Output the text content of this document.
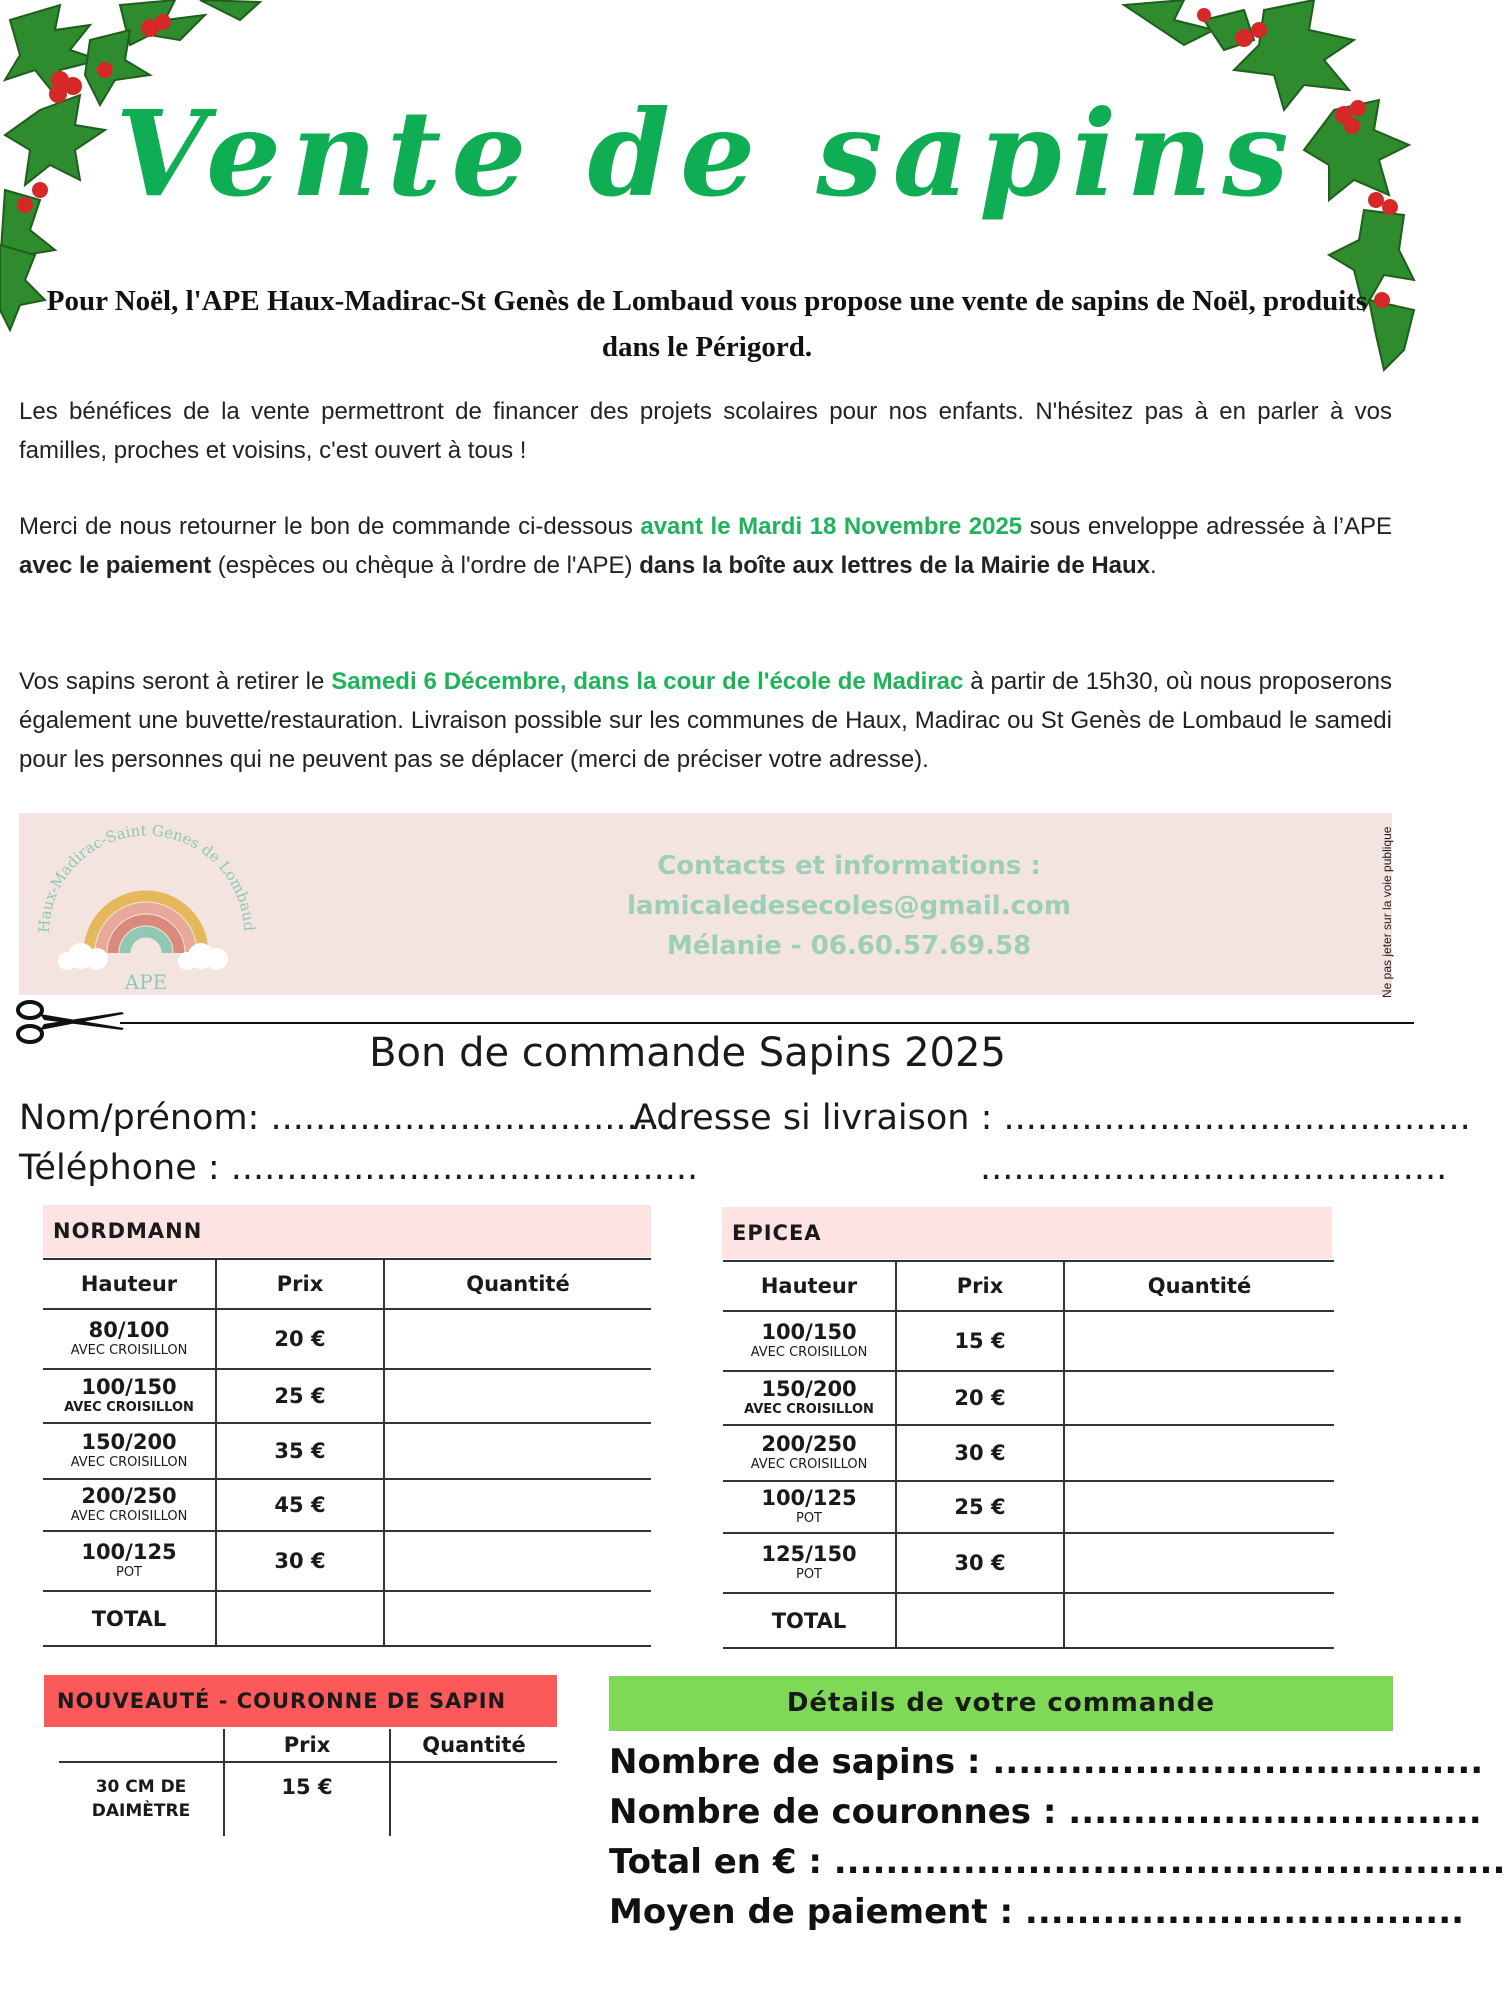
Vente de sapins

Pour Noël, l'APE Haux-Madirac-St Genès de Lombaud vous propose une vente de sapins de Noël, produits dans le Périgord.

Les bénéfices de la vente permettront de financer des projets scolaires pour nos enfants. N'hésitez pas à en parler à vos familles, proches et voisins, c'est ouvert à tous !

Merci de nous retourner le bon de commande ci-dessous avant le Mardi 18 Novembre 2025 sous enveloppe adressée à l’APE avec le paiement (espèces ou chèque à l'ordre de l'APE) dans la boîte aux lettres de la Mairie de Haux.

Vos sapins seront à retirer le Samedi 6 Décembre, dans la cour de l'école de Madirac à partir de 15h30, où nous proposerons également une buvette/restauration. Livraison possible sur les communes de Haux, Madirac ou St Genès de Lombaud le samedi pour les personnes qui ne peuvent pas se déplacer (merci de préciser votre adresse).

Haux-Madirac-Saint Genes de Lombaud
APE
Contacts et informations :
lamicaledesecoles@gmail.com
Mélanie - 06.60.57.69.58	Ne pas jeter sur la voie publique
Bon de commande Sapins 2025
Nom/prénom: ....................................
Adresse si livraison : ..........................................
Téléphone : ..........................................	..........................................
NORDMANN
Hauteur	Prix	Quantité

80/100
AVEC CROISILLON	20 €	

100/150
AVEC CROISILLON	25 €	

150/200
AVEC CROISILLON	35 €	

200/250
AVEC CROISILLON	45 €	

100/125
POT	30 €	
TOTAL		
EPICEA
Hauteur	Prix	Quantité

100/150
AVEC CROISILLON	15 €	

150/200
AVEC CROISILLON	20 €	

200/250
AVEC CROISILLON	30 €	

100/125
POT	25 €	

125/150
POT	30 €	
TOTAL		
NOUVEAUTÉ - COURONNE DE SAPIN
	Prix	Quantité

30 CM DE
DAIMÈTRE	15 €	
Détails de votre commande
Nombre de sapins : ......................................
Nombre de couronnes : ................................
Total en € : ....................................................
Moyen de paiement : ..................................
